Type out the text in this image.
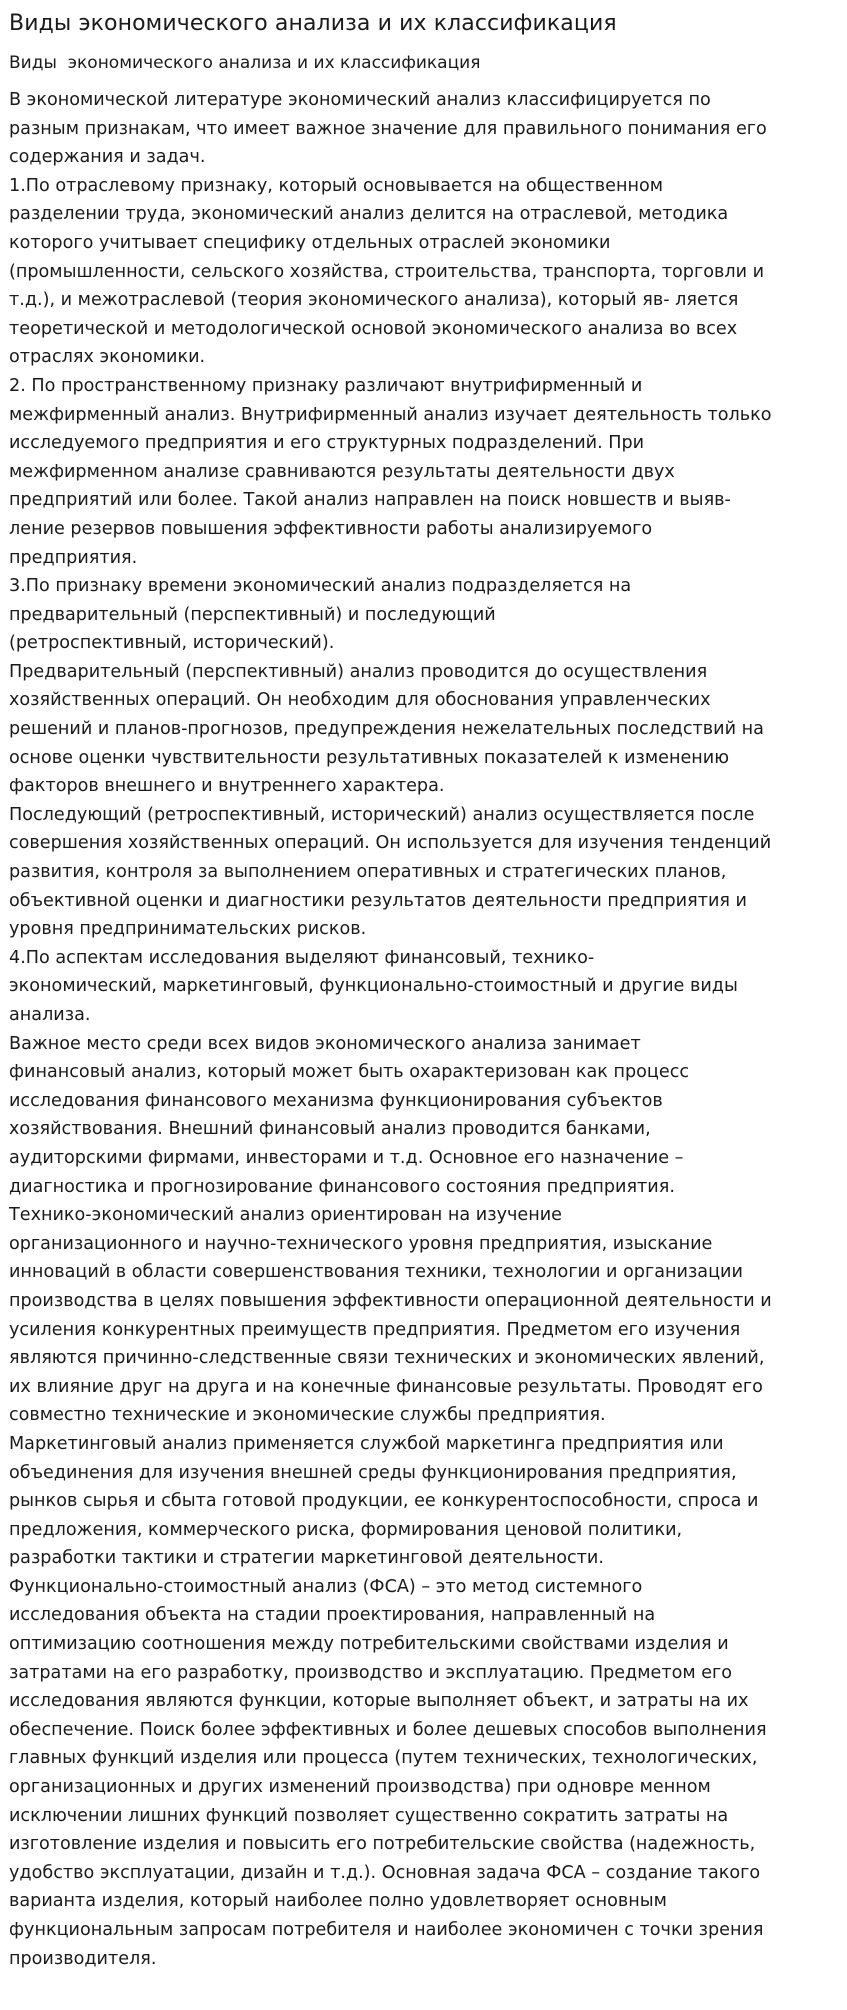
Виды экономического анализа и их классификация
Виды  экономического анализа и их классификация

В экономической литературе экономический анализ классифицируется по
разным признакам, что имеет важное значение для правильного понимания его
содержания и задач.

1.По отраслевому признаку, который основывается на общественном
разделении труда, экономический анализ делится на отраслевой, методика
которого учитывает специфику отдельных отраслей экономики
(промышленности, сельского хозяйства, строительства, транспорта, торговли и
т.д.), и межотраслевой (теория экономического анализа), который яв- ляется
теоретической и методологической основой экономического анализа во всех
отраслях экономики.

2. По пространственному признаку различают внутрифирменный и
межфирменный анализ. Внутрифирменный анализ изучает деятельность только
исследуемого предприятия и его структурных подразделений. При
межфирменном анализе сравниваются результаты деятельности двух
предприятий или более. Такой анализ направлен на поиск новшеств и выяв-
ление резервов повышения эффективности работы анализируемого
предприятия.

3.По признаку времени экономический анализ подразделяется на
предварительный (перспективный) и последующий
(ретроспективный, исторический).

Предварительный (перспективный) анализ проводится до осуществления
хозяйственных операций. Он необходим для обоснования управленческих
решений и планов-прогнозов, предупреждения нежелательных последствий на
основе оценки чувствительности результативных показателей к изменению
факторов внешнего и внутреннего характера.

Последующий (ретроспективный, исторический) анализ осуществляется после
совершения хозяйственных операций. Он используется для изучения тенденций
развития, контроля за выполнением оперативных и стратегических планов,
объективной оценки и диагностики результатов деятельности предприятия и
уровня предпринимательских рисков.

4.По аспектам исследования выделяют финансовый, технико-
экономический, маркетинговый, функционально-стоимостный и другие виды
анализа.

Важное место среди всех видов экономического анализа занимает
финансовый анализ, который может быть охарактеризован как процесс
исследования финансового механизма функционирования субъектов
хозяйствования. Внешний финансовый анализ проводится банками,
аудиторскими фирмами, инвесторами и т.д. Основное его назначение –
диагностика и прогнозирование финансового состояния предприятия.

Технико-экономический анализ ориентирован на изучение
организационного и научно-технического уровня предприятия, изыскание
инноваций в области совершенствования техники, технологии и организации
производства в целях повышения эффективности операционной деятельности и
усиления конкурентных преимуществ предприятия. Предметом его изучения
являются причинно-следственные связи технических и экономических явлений,
их влияние друг на друга и на конечные финансовые результаты. Проводят его
совместно технические и экономические службы предприятия.

Маркетинговый анализ применяется службой маркетинга предприятия или
объединения для изучения внешней среды функционирования предприятия,
рынков сырья и сбыта готовой продукции, ее конкурентоспособности, спроса и
предложения, коммерческого риска, формирования ценовой политики,
разработки тактики и стратегии маркетинговой деятельности.

Функционально-стоимостный анализ (ФСА) – это метод системного
исследования объекта на стадии проектирования, направленный на
оптимизацию соотношения между потребительскими свойствами изделия и
затратами на его разработку, производство и эксплуатацию. Предметом его
исследования являются функции, которые выполняет объект, и затраты на их
обеспечение. Поиск более эффективных и более дешевых способов выполнения
главных функций изделия или процесса (путем технических, технологических,
организационных и других изменений производства) при одновре менном
исключении лишних функций позволяет существенно сократить затраты на
изготовление изделия и повысить его потребительские свойства (надежность,
удобство эксплуатации, дизайн и т.д.). Основная задача ФСА – создание такого
варианта изделия, который наиболее полно удовлетворяет основным
функциональным запросам потребителя и наиболее экономичен с точки зрения
производителя.
